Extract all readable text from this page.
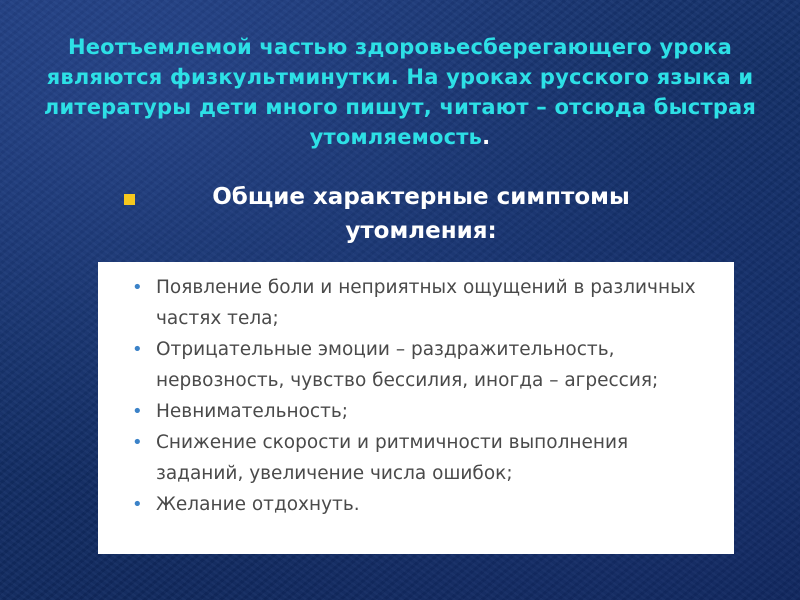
Неотъемлемой частью здоровьесберегающего урока являются физкультминутки. На уроках русского языка и литературы дети много пишут, читают – отсюда быстрая утомляемость.

Общие характерные симптомы утомления:

• Появление боли и неприятных ощущений в различных частях тела;
• Отрицательные эмоции – раздражительность, нервозность, чувство бессилия, иногда – агрессия;
• Невнимательность;
• Снижение скорости и ритмичности выполнения заданий, увеличение числа ошибок;
• Желание отдохнуть.
